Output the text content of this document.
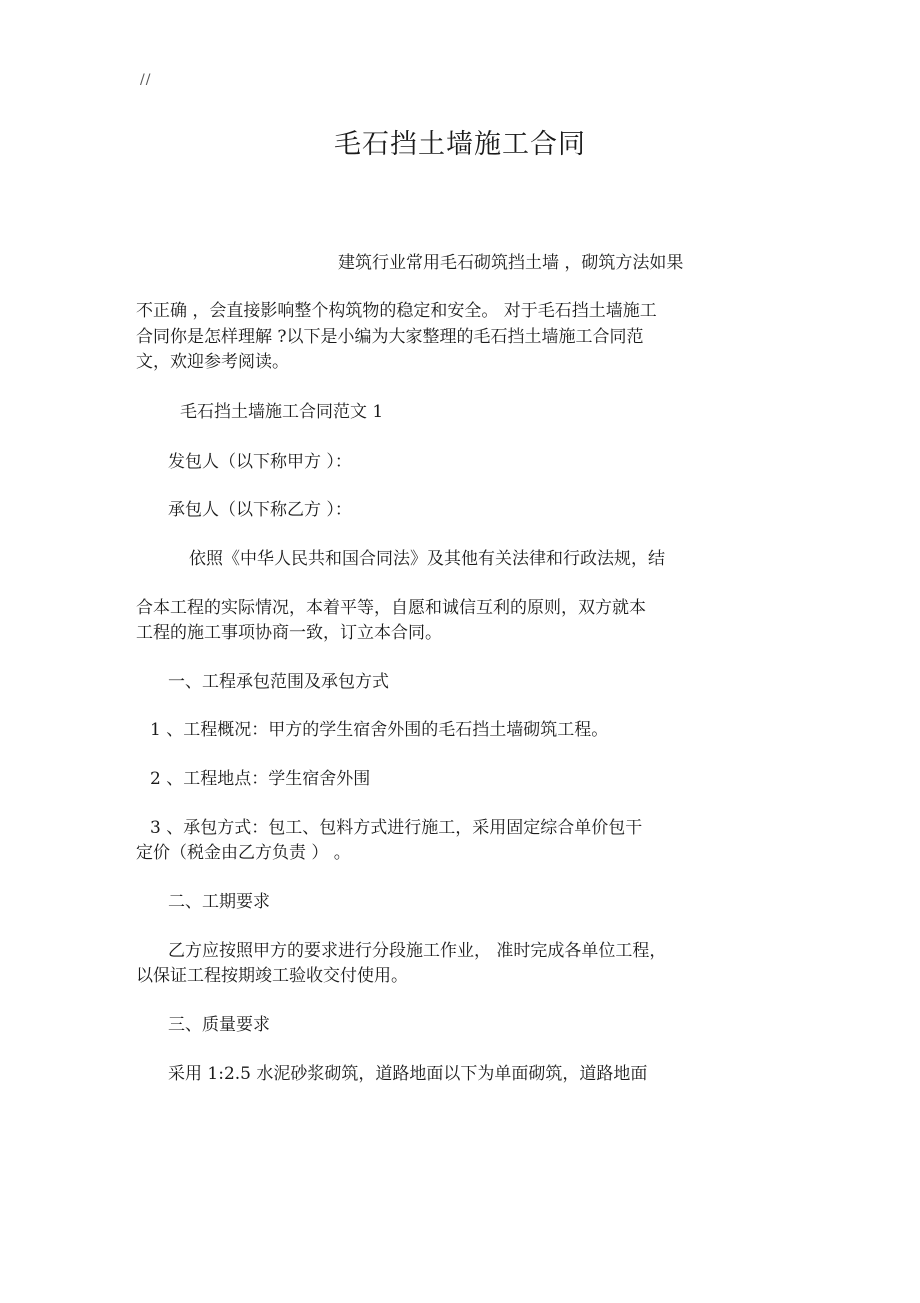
//
毛石挡土墙施工合同
建筑行业常用毛石砌筑挡土墙 ，砌筑方法如果
不正确 ，会直接影响整个构筑物的稳定和安全。 对于毛石挡土墙施工
合同你是怎样理解 ?以下是小编为大家整理的毛石挡土墙施工合同范
文，欢迎参考阅读。
毛石挡土墙施工合同范文 1
发包人（以下称甲方 ）：
承包人（以下称乙方 ）：
依照《中华人民共和国合同法》及其他有关法律和行政法规，结
合本工程的实际情况，本着平等，自愿和诚信互利的原则，双方就本
工程的施工事项协商一致，订立本合同。
一、工程承包范围及承包方式
1 、工程概况：甲方的学生宿舍外围的毛石挡土墙砌筑工程。
2 、工程地点：学生宿舍外围
3 、承包方式：包工、包料方式进行施工，采用固定综合单价包干
定价（税金由乙方负责 ） 。
二、工期要求
乙方应按照甲方的要求进行分段施工作业， 准时完成各单位工程，
以保证工程按期竣工验收交付使用。
三、质量要求
采用 1:2.5 水泥砂浆砌筑，道路地面以下为单面砌筑，道路地面
